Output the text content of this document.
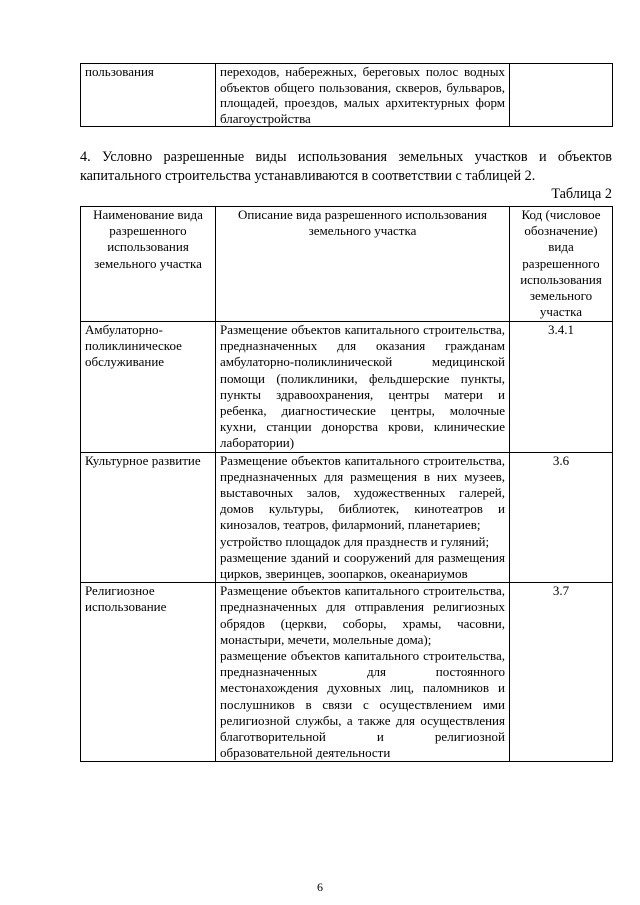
пользования	переходов, набережных, береговых полос водных объектов общего пользования, скверов, бульваров, площадей, проездов, малых архитектурных форм благоустройства	

4. Условно разрешенные виды использования земельных участков и объектов капитального строительства устанавливаются в соответствии с таблицей 2.

Таблица 2
Наименование вида разрешенного использования земельного участка	Описание вида разрешенного использования земельного участка	Код (числовое обозначение) вида разрешенного использования земельного участка
Амбулаторно-поликлиническое обслуживание	Размещение объектов капитального строительства, предназначенных для оказания гражданам амбулаторно-поликлинической медицинской помощи (поликлиники, фельдшерские пункты, пункты здравоохранения, центры матери и ребенка, диагностические центры, молочные кухни, станции донорства крови, клинические лаборатории)	3.4.1
Культурное развитие	Размещение объектов капитального строительства, предназначенных для размещения в них музеев, выставочных залов, художественных галерей, домов культуры, библиотек, кинотеатров и кинозалов, театров, филармоний, планетариев;
устройство площадок для празднеств и гуляний;
размещение зданий и сооружений для размещения цирков, зверинцев, зоопарков, океанариумов	3.6
Религиозное использование	Размещение объектов капитального строительства, предназначенных для отправления религиозных обрядов (церкви, соборы, храмы, часовни, монастыри, мечети, молельные дома);
размещение объектов капитального строительства, предназначенных для постоянного местонахождения духовных лиц, паломников и послушников в связи с осуществлением ими религиозной службы, а также для осуществления благотворительной и религиозной образовательной деятельности	3.7
6
